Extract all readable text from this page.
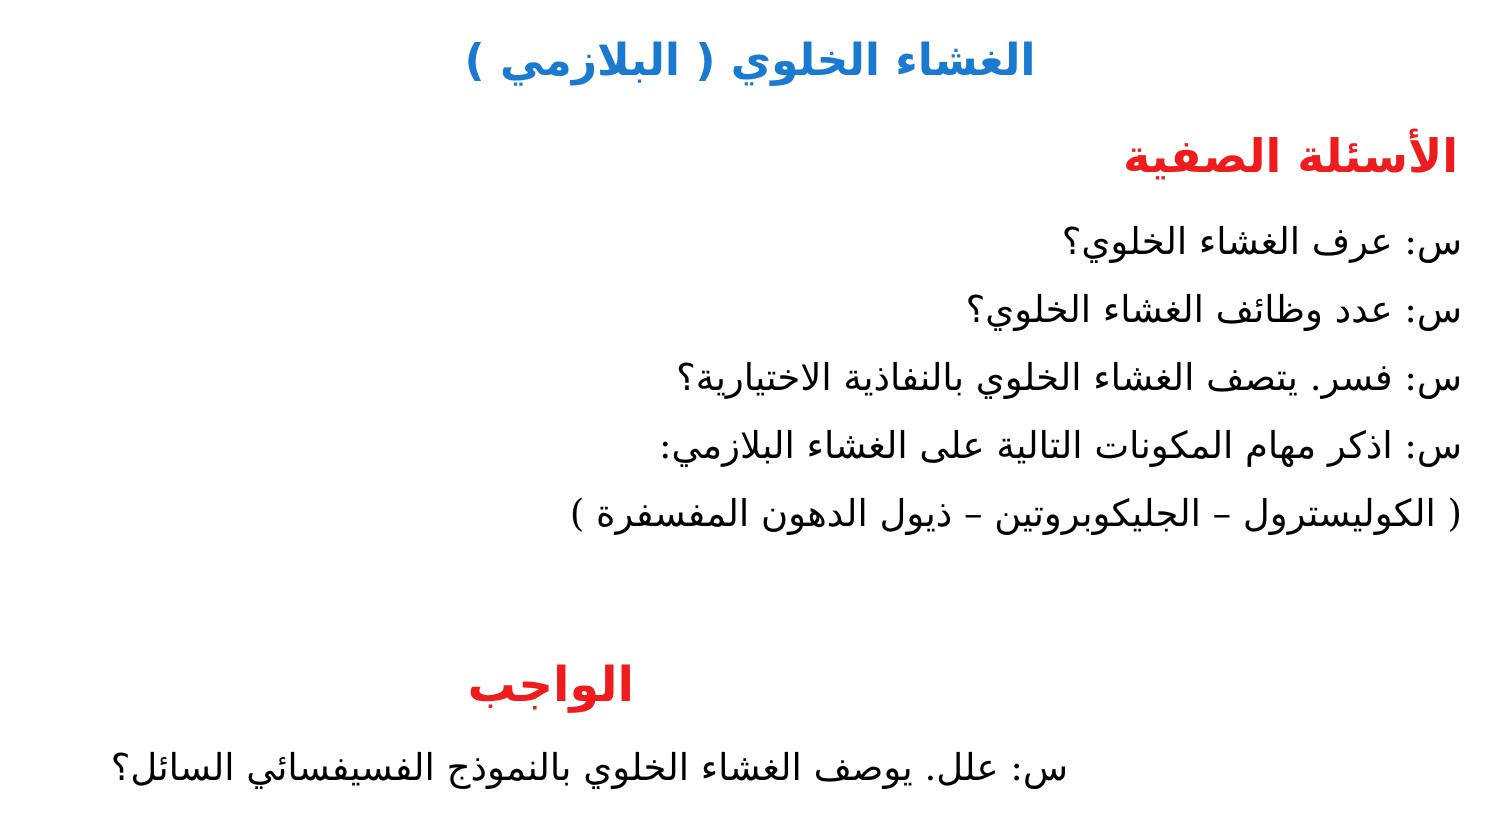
الغشاء الخلوي ( البلازمي )
الأسئلة الصفية
س: عرف الغشاء الخلوي؟
س: عدد وظائف الغشاء الخلوي؟
س: فسر. يتصف الغشاء الخلوي بالنفاذية الاختيارية؟
س: اذكر مهام المكونات التالية على الغشاء البلازمي:
( الكوليسترول – الجليكوبروتين – ذيول الدهون المفسفرة )
الواجب
س: علل. يوصف الغشاء الخلوي بالنموذج الفسيفسائي السائل؟
